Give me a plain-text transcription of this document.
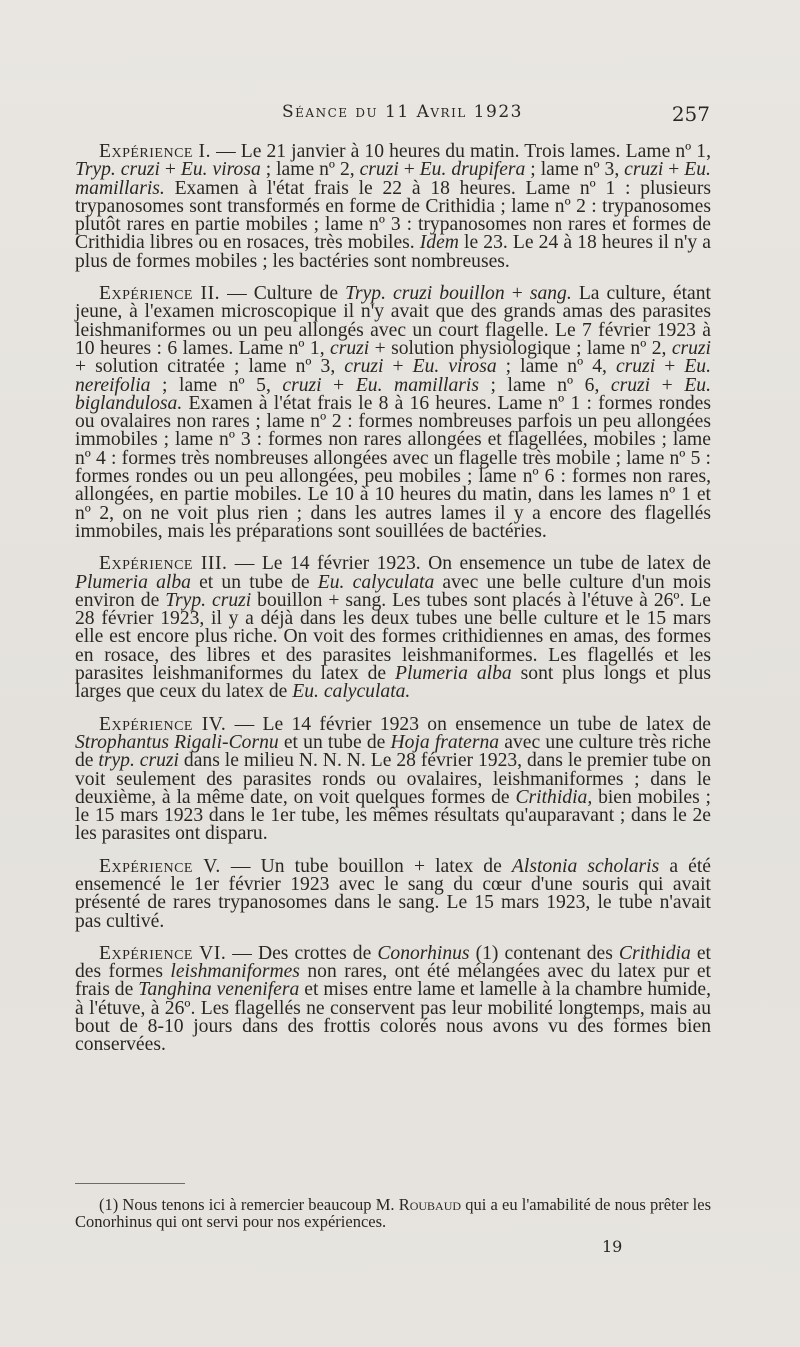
Séance du 11 Avril 1923	257

Expérience I. — Le 21 janvier à 10 heures du matin. Trois lames. Lame nº 1, Tryp. cruzi + Eu. virosa ; lame nº 2, cruzi + Eu. drupifera ; lame nº 3, cruzi + Eu. mamillaris. Examen à l'état frais le 22 à 18 heures. Lame nº 1 : plusieurs trypanosomes sont transformés en forme de Crithidia ; lame nº 2 : trypanosomes plutôt rares en partie mobiles ; lame nº 3 : trypanosomes non rares et formes de Crithidia libres ou en rosaces, très mobiles. Idem le 23. Le 24 à 18 heures il n'y a plus de formes mobiles ; les bactéries sont nombreuses.

Expérience II. — Culture de Tryp. cruzi bouillon + sang. La culture, étant jeune, à l'examen microscopique il n'y avait que des grands amas des parasites leishmaniformes ou un peu allongés avec un court flagelle. Le 7 février 1923 à 10 heures : 6 lames. Lame nº 1, cruzi + solution physiologique ; lame nº 2, cruzi + solution citratée ; lame nº 3, cruzi + Eu. virosa ; lame nº 4, cruzi + Eu. nereifolia ; lame nº 5, cruzi + Eu. mamillaris ; lame nº 6, cruzi + Eu. biglandulosa. Examen à l'état frais le 8 à 16 heures. Lame nº 1 : formes rondes ou ovalaires non rares ; lame nº 2 : formes nombreuses parfois un peu allongées immobiles ; lame nº 3 : formes non rares allongées et flagellées, mobiles ; lame nº 4 : formes très nombreuses allongées avec un flagelle très mobile ; lame nº 5 : formes rondes ou un peu allongées, peu mobiles ; lame nº 6 : formes non rares, allongées, en partie mobiles. Le 10 à 10 heures du matin, dans les lames nº 1 et nº 2, on ne voit plus rien ; dans les autres lames il y a encore des flagellés immobiles, mais les préparations sont souillées de bactéries.

Expérience III. — Le 14 février 1923. On ensemence un tube de latex de Plumeria alba et un tube de Eu. calyculata avec une belle culture d'un mois environ de Tryp. cruzi bouillon + sang. Les tubes sont placés à l'étuve à 26º. Le 28 février 1923, il y a déjà dans les deux tubes une belle culture et le 15 mars elle est encore plus riche. On voit des formes crithidiennes en amas, des formes en rosace, des libres et des parasites leishmaniformes. Les flagellés et les parasites leishmaniformes du latex de Plumeria alba sont plus longs et plus larges que ceux du latex de Eu. calyculata.

Expérience IV. — Le 14 février 1923 on ensemence un tube de latex de Strophantus Rigali-Cornu et un tube de Hoja fraterna avec une culture très riche de tryp. cruzi dans le milieu N. N. N. Le 28 février 1923, dans le premier tube on voit seulement des parasites ronds ou ovalaires, leishmaniformes ; dans le deuxième, à la même date, on voit quelques formes de Crithidia, bien mobiles ; le 15 mars 1923 dans le 1er tube, les mêmes résultats qu'auparavant ; dans le 2e les parasites ont disparu.

Expérience V. — Un tube bouillon + latex de Alstonia scholaris a été ensemencé le 1er février 1923 avec le sang du cœur d'une souris qui avait présenté de rares trypanosomes dans le sang. Le 15 mars 1923, le tube n'avait pas cultivé.

Expérience VI. — Des crottes de Conorhinus (1) contenant des Crithidia et des formes leishmaniformes non rares, ont été mélangées avec du latex pur et frais de Tanghina venenifera et mises entre lame et lamelle à la chambre humide, à l'étuve, à 26º. Les flagellés ne conservent pas leur mobilité longtemps, mais au bout de 8-10 jours dans des frottis colorés nous avons vu des formes bien conservées.

(1) Nous tenons ici à remercier beaucoup M. Roubaud qui a eu l'amabilité de nous prêter les Conorhinus qui ont servi pour nos expériences.
19
